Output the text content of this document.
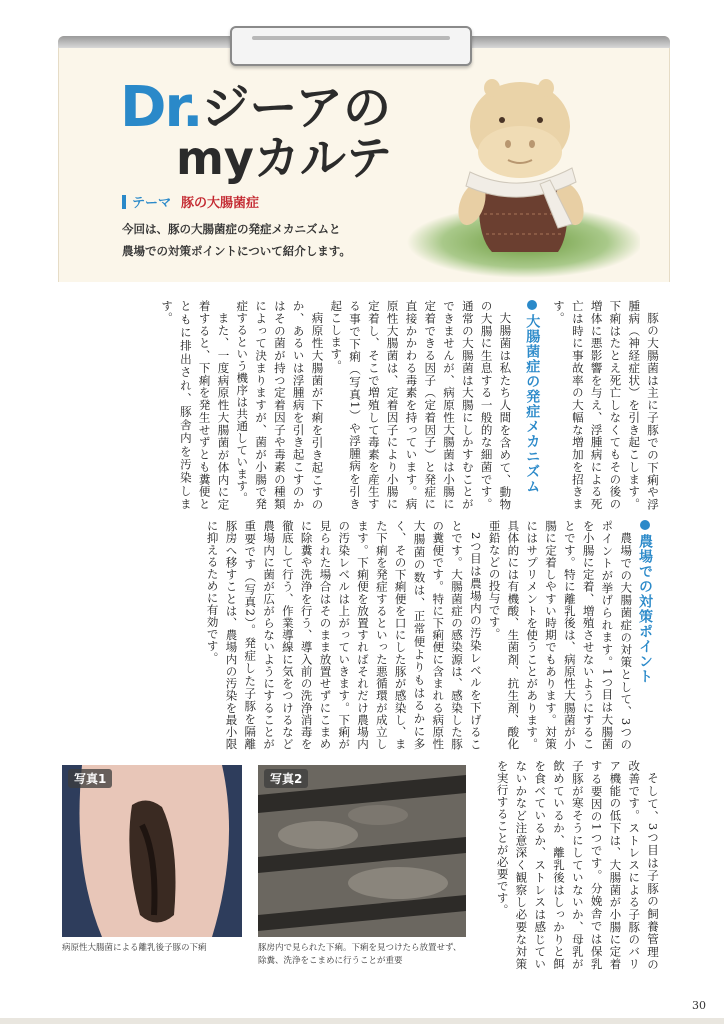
Dr. ジーアの
myカルテ
テーマ 豚の大腸菌症
今回は、豚の大腸菌症の発症メカニズムと
農場での対策ポイントについて紹介します。

豚の大腸菌は主に子豚での下痢や浮腫病（神経症状）を引き起こします。下痢はたとえ死亡しなくてもその後の増体に悪影響を与え、浮腫病による死亡は時に事故率の大幅な増加を招きます。

大腸菌症の発症メカニズム

大腸菌は私たち人間を含めて、動物の大腸に生息する一般的な細菌です。通常の大腸菌は大腸にしかすむことができませんが、病原性大腸菌は小腸に定着できる因子（定着因子）と発症に直接かかわる毒素を持っています。病原性大腸菌は、定着因子により小腸に定着し、そこで増殖して毒素を産生する事で下痢（写真1）や浮腫病を引き起こします。

病原性大腸菌が下痢を引き起こすのか、あるいは浮腫病を引き起こすのかはその菌が持つ定着因子や毒素の種類によって決まりますが、菌が小腸で発症するという機序は共通しています。

また、一度病原性大腸菌が体内に定着すると、下痢を発生せずとも糞便とともに排出され、豚舎内を汚染します。

農場での対策ポイント

農場での大腸菌症の対策として、3つのポイントが挙げられます。1つ目は大腸菌を小腸に定着、増殖させないようにすることです。特に離乳後は、病原性大腸菌が小腸に定着しやすい時期でもあります。対策にはサプリメントを使うことがあります。具体的には有機酸、生菌剤、抗生剤、酸化亜鉛などの投与です。

2つ目は農場内の汚染レベルを下げることです。大腸菌症の感染源は、感染した豚の糞便です。特に下痢便に含まれる病原性大腸菌の数は、正常便よりもはるかに多く、その下痢便を口にした豚が感染し、また下痢を発症するといった悪循環が成立します。下痢便を放置すればそれだけ農場内の汚染レベルは上がっていきます。下痢が見られた場合はそのまま放置せずにこまめに除糞や洗浄を行う、導入前の洗浄消毒を徹底して行う、作業導線に気をつけるなど農場内に菌が広がらないようにすることが重要です（写真2）。発症した子豚を隔離豚房へ移すことは、農場内の汚染を最小限に抑えるために有効です。

そして、3つ目は子豚の飼養管理の改善です。ストレスによる子豚のバリア機能の低下は、大腸菌が小腸に定着する要因の1つです。分娩舎では保乳子豚が寒そうにしていないか、母乳が飲めているか、離乳後はしっかりと餌を食べているか、ストレスは感じていないかなど注意深く観察し必要な対策を実行することが必要です。

写真1
病原性大腸菌による離乳後子豚の下痢
写真2
豚房内で見られた下痢。下痢を見つけたら放置せず、
除糞、洗浄をこまめに行うことが重要
30
